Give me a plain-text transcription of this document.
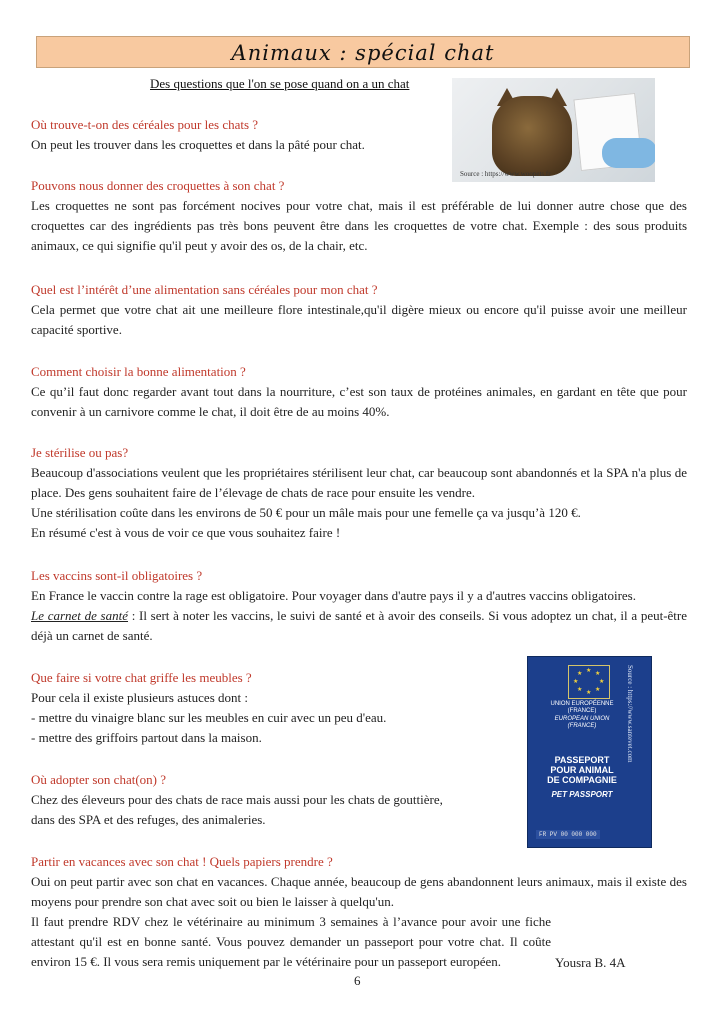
Animaux : spécial chat
Des questions que l'on se pose quand on a un chat
Source : https://www.woopets.fr
Où trouve-t-on des céréales pour les chats ?
On peut les trouver dans les croquettes et dans la pâté pour chat.
Pouvons nous donner des croquettes à son chat ?
Les croquettes ne sont pas forcément nocives pour votre chat, mais il est préférable de lui donner autre chose que des croquettes car des ingrédients pas très bons peuvent être dans les croquettes de votre chat. Exemple : des sous produits animaux, ce qui signifie qu'il peut y avoir des os, de la chair, etc.
Quel est l’intérêt d’une alimentation sans céréales pour mon chat ?
Cela permet que votre chat ait une meilleure flore intestinale,qu'il digère mieux ou encore qu'il puisse avoir une meilleur capacité sportive.
Comment choisir la bonne alimentation ?
Ce qu’il faut donc regarder avant tout dans la nourriture, c’est son taux de protéines animales, en gardant en tête que pour convenir à un carnivore comme le chat, il doit être de au moins 40%.
Je stérilise ou pas?
Beaucoup d'associations veulent que les propriétaires stérilisent leur chat, car beaucoup sont abandonnés et la SPA n'a plus de place. Des gens souhaitent faire de l’élevage de chats de race pour ensuite les vendre.
Une stérilisation coûte dans les environs de 50 € pour un mâle mais pour une femelle ça va jusqu’à 120 €.
En résumé c'est à vous de voir ce que vous souhaitez faire !
Les vaccins sont-il obligatoires ?
En France le vaccin contre la rage est obligatoire. Pour voyager dans d'autre pays il y a d'autres vaccins obligatoires.
Le carnet de santé : Il sert à noter les vaccins, le suivi de santé et à avoir des conseils. Si vous adoptez un chat, il a peut-être déjà un carnet de santé.
Que faire si votre chat griffe les meubles ?
Pour cela il existe plusieurs astuces dont :
- mettre du vinaigre blanc sur les meubles en cuir avec un peu d'eau.
- mettre des griffoirs partout dans la maison.
Où adopter son chat(on) ?
Chez des éleveurs pour des chats de race mais aussi pour les chats de gouttière,
dans des SPA et des refuges, des animaleries.
Partir en vacances avec son chat ! Quels papiers prendre ?
Oui on peut partir avec son chat en vacances. Chaque année, beaucoup de gens abandonnent leurs animaux, mais il existe des moyens pour prendre son chat avec soit ou bien le laisser à quelqu'un.
Il faut prendre RDV chez le vétérinaire au minimum 3 semaines à l’avance pour avoir une fiche attestant qu'il est en bonne santé. Vous pouvez demander un passeport pour votre chat. Il coûte environ 15 €. Il vous sera remis uniquement par le vétérinaire pour un passeport européen.
★ ★
★
★
★
★
★
★
UNION EUROPÉENNE
(FRANCE)
EUROPEAN UNION
(FRANCE)
PASSEPORT
POUR ANIMAL
DE COMPAGNIE
PET PASSPORT
Source : https://www.santevet.com
FR PV 00 000 000
Yousra B. 4A
6
